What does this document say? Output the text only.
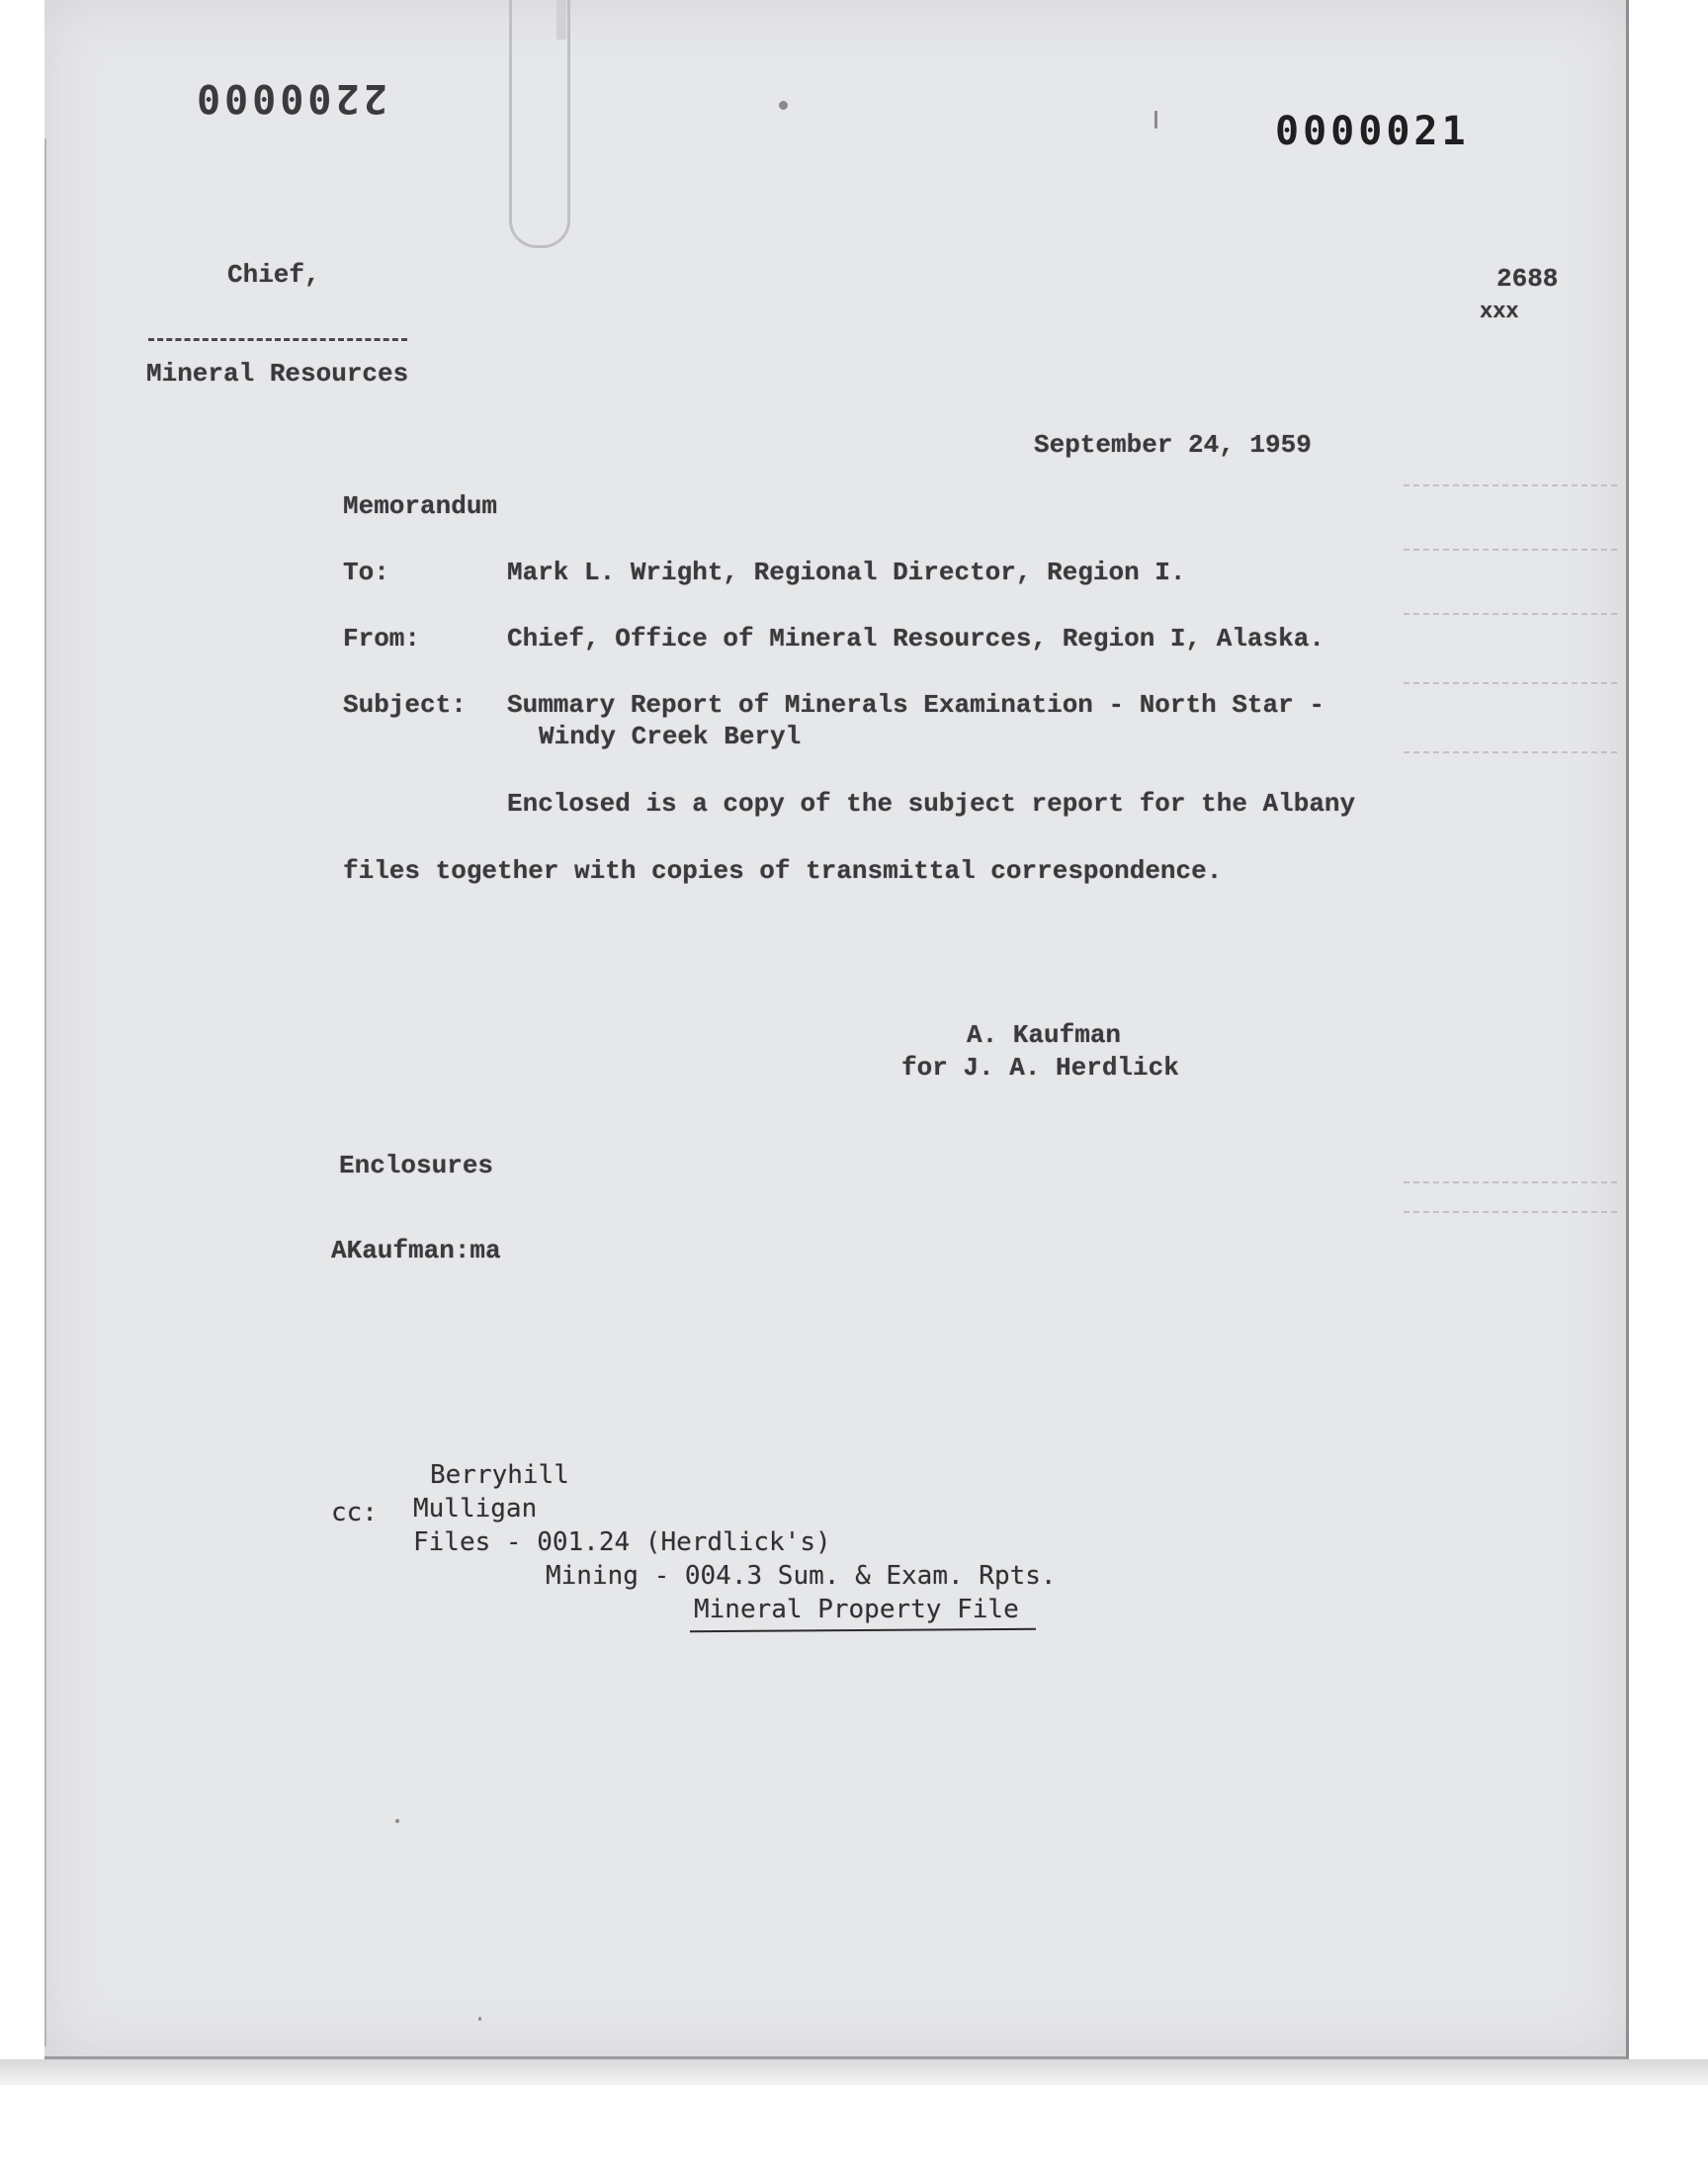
2200000
0000021
Chief,
Mineral Resources
2688
xxx
September 24, 1959
Memorandum
To:	Mark L. Wright, Regional Director, Region I.
From:	Chief, Office of Mineral Resources, Region I, Alaska.
Subject: Summary Report of Minerals Examination - North Star -
Windy Creek Beryl
Enclosed is a copy of the subject report for the Albany
files together with copies of transmittal correspondence.
A. Kaufman
for J. A. Herdlick
Enclosures
AKaufman:ma
Berryhill
cc: Mulligan
Files - 001.24 (Herdlick's)
Mining - 004.3 Sum. & Exam. Rpts.
Mineral Property File
